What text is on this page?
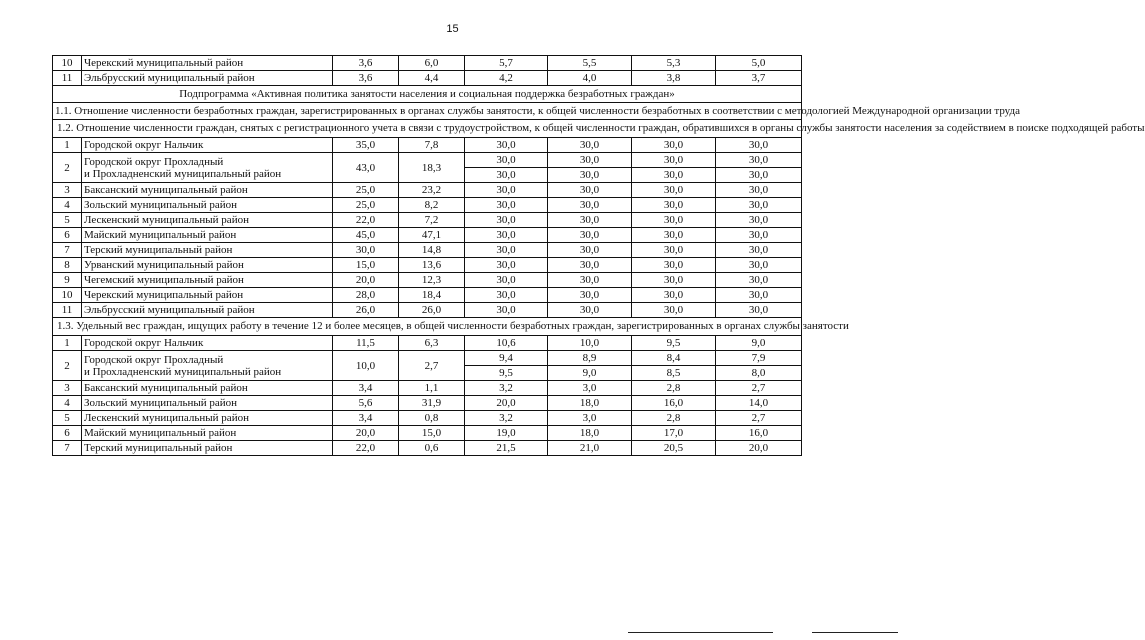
15
10	Черекский муниципальный район	3,6	6,0	5,7	5,5	5,3	5,0
11	Эльбрусский муниципальный район	3,6	4,4	4,2	4,0	3,8	3,7
Подпрограмма «Активная политика занятости населения и социальная поддержка безработных граждан»							
1.1. Отношение численности безработных граждан, зарегистрированных в органах службы занятости, к общей численности безработных в соответствии с методологией Международной организации труда							
1.2. Отношение численности граждан, снятых с регистрационного учета в связи с трудоустройством, к общей численности граждан, обратившихся в органы службы занятости населения за содействием в поиске подходящей работы							
1	Городской округ Нальчик	35,0	7,8	30,0	30,0	30,0	30,0
2	Городской округ Прохладный
и Прохладненский муниципальный район	43,0	18,3	30,0	30,0	30,0	30,0
				30,0	30,0	30,0	30,0
3	Баксанский муниципальный район	25,0	23,2	30,0	30,0	30,0	30,0
4	Зольский муниципальный район	25,0	8,2	30,0	30,0	30,0	30,0
5	Лескенский муниципальный район	22,0	7,2	30,0	30,0	30,0	30,0
6	Майский муниципальный район	45,0	47,1	30,0	30,0	30,0	30,0
7	Терский муниципальный район	30,0	14,8	30,0	30,0	30,0	30,0
8	Урванский муниципальный район	15,0	13,6	30,0	30,0	30,0	30,0
9	Чегемский муниципальный район	20,0	12,3	30,0	30,0	30,0	30,0
10	Черекский муниципальный район	28,0	18,4	30,0	30,0	30,0	30,0
11	Эльбрусский муниципальный район	26,0	26,0	30,0	30,0	30,0	30,0
1.3. Удельный вес граждан, ищущих работу в течение 12 и более месяцев, в общей численности безработных граждан, зарегистрированных в органах службы занятости							
1	Городской округ Нальчик	11,5	6,3	10,6	10,0	9,5	9,0
2	Городской округ Прохладный
и Прохладненский муниципальный район	10,0	2,7	9,4	8,9	8,4	7,9
				9,5	9,0	8,5	8,0
3	Баксанский муниципальный район	3,4	1,1	3,2	3,0	2,8	2,7
4	Зольский муниципальный район	5,6	31,9	20,0	18,0	16,0	14,0
5	Лескенский муниципальный район	3,4	0,8	3,2	3,0	2,8	2,7
6	Майский муниципальный район	20,0	15,0	19,0	18,0	17,0	16,0
7	Терский муниципальный район	22,0	0,6	21,5	21,0	20,5	20,0
